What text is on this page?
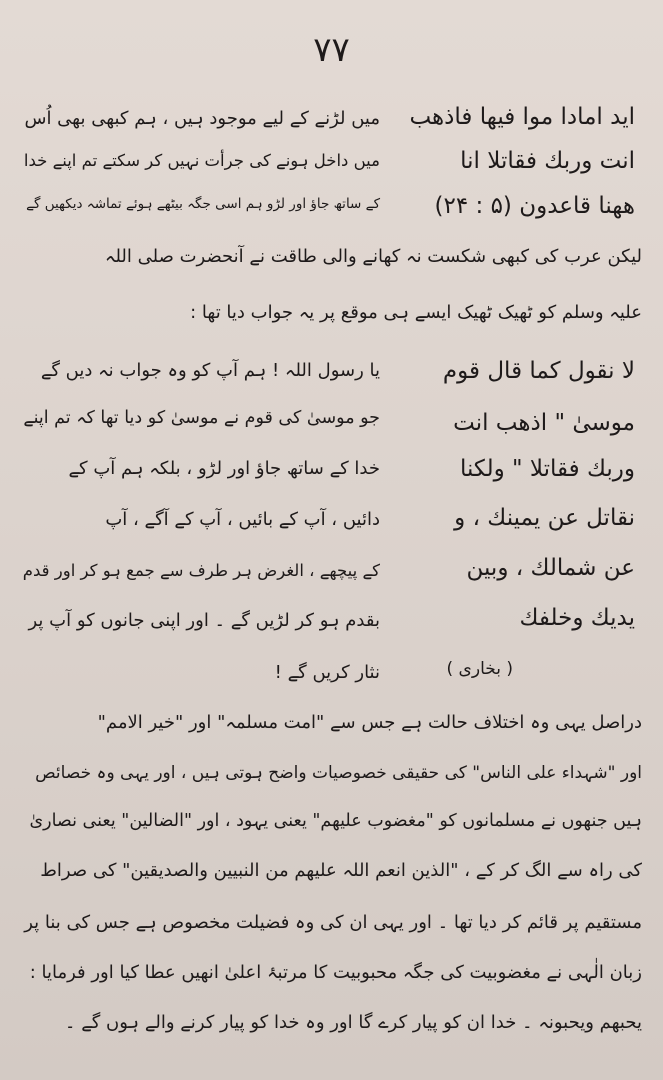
۷۷
اید امادا موا فیھا فاذھب
انت وربك فقاتلا انا
ھھنا قاعدون (۵ : ۲۴)
میں لڑنے کے لیے موجود ہیں ، ہم کبھی بھی اُس
میں داخل ہونے کی جرأت نہیں کر سکتے تم اپنے خدا
کے ساتھ جاؤ اور لڑو ہم اسی جگہ بیٹھے ہوئے تماشہ دیکھیں گے
لیکن عرب کی کبھی شکست نہ کھانے والی طاقت نے آنحضرت صلی اللہ
علیہ وسلم کو ٹھیک ٹھیک ایسے ہی موقع پر یہ جواب دیا تھا :
لا نقول کما قال قوم
موسیٰ " اذھب انت
وربك فقاتلا " ولکنا
نقاتل عن یمینك ، و
عن شمالك ، وبین
یدیك وخلفك
( بخاری )
یا رسول اللہ ! ہم آپ کو وہ جواب نہ دیں گے
جو موسیٰ کی قوم نے موسیٰ کو دیا تھا کہ تم اپنے
خدا کے ساتھ جاؤ اور لڑو ، بلکہ ہم آپ کے
دائیں ، آپ کے بائیں ، آپ کے آگے ، آپ
کے پیچھے ، الغرض ہر طرف سے جمع ہو کر اور قدم
بقدم ہو کر لڑیں گے ۔ اور اپنی جانوں کو آپ پر
نثار کریں گے !
دراصل یہی وہ اختلاف حالت ہے جس سے "امت مسلمہ" اور "خیر الامم"
اور "شہداء علی الناس" کی حقیقی خصوصیات واضح ہوتی ہیں ، اور یہی وہ خصائص
ہیں جنھوں نے مسلمانوں کو "مغضوب علیھم" یعنی یہود ، اور "الضالین" یعنی نصاریٰ
کی راہ سے الگ کر کے ، "الذین انعم اللہ علیھم من النبیین والصدیقین" کی صراط
مستقیم پر قائم کر دیا تھا ۔ اور یہی ان کی وہ فضیلت مخصوص ہے جس کی بنا پر
زبان الٰہی نے مغضوبیت کی جگہ محبوبیت کا مرتبۂ اعلیٰ انھیں عطا کیا اور فرمایا :
یحبھم ویحبونہ ۔ خدا ان کو پیار کرے گا اور وہ خدا کو پیار کرنے والے ہوں گے ۔
